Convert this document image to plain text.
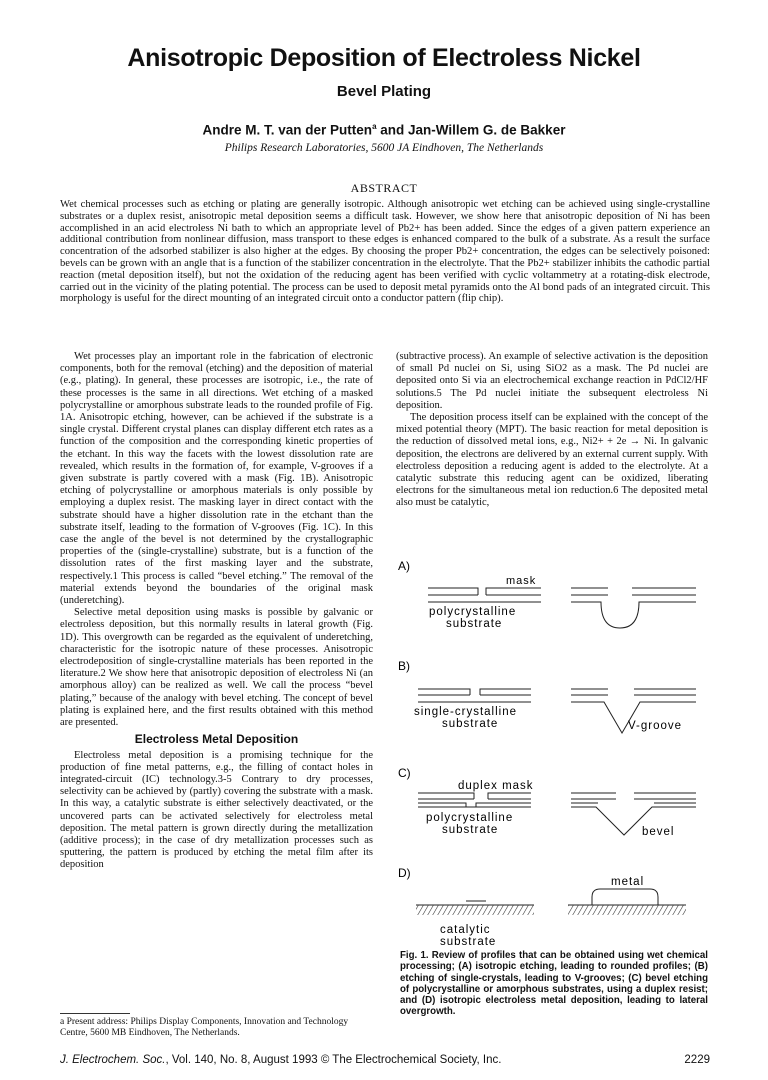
Anisotropic Deposition of Electroless Nickel
Bevel Plating
Andre M. T. van der Putten$^a$ and Jan-Willem G. de Bakker
Philips Research Laboratories, 5600 JA Eindhoven, The Netherlands
ABSTRACT
Wet chemical processes such as etching or plating are generally isotropic. Although anisotropic wet etching can be achieved using single-crystalline substrates or a duplex resist, anisotropic metal deposition seems a difficult task. However, we show here that anisotropic deposition of Ni has been accomplished in an acid electroless Ni bath to which an appropriate level of Pb2+ has been added. Since the edges of a given pattern experience an additional contribution from nonlinear diffusion, mass transport to these edges is enhanced compared to the bulk of a substrate. As a result the surface concentration of the adsorbed stabilizer is also higher at the edges. By choosing the proper Pb2+ concentration, the edges can be selectively poisoned: bevels can be grown with an angle that is a function of the stabilizer concentration in the electrolyte. That the Pb2+ stabilizer inhibits the cathodic partial reaction (metal deposition itself), but not the oxidation of the reducing agent has been verified with cyclic voltammetry at a rotating-disk electrode, carried out in the vicinity of the plating potential. The process can be used to deposit metal pyramids onto the Al bond pads of an integrated circuit. This morphology is useful for the direct mounting of an integrated circuit onto a conductor pattern (flip chip).

Wet processes play an important role in the fabrication of electronic components, both for the removal (etching) and the deposition of material (e.g., plating). In general, these processes are isotropic, i.e., the rate of these processes is the same in all directions. Wet etching of a masked polycrystalline or amorphous substrate leads to the rounded profile of Fig. 1A. Anisotropic etching, however, can be achieved if the substrate is a single crystal. Different crystal planes can display different etch rates as a function of the composition and the corresponding kinetic properties of the etchant. In this way the facets with the lowest dissolution rate are revealed, which results in the formation of, for example, V-grooves if a given substrate is partly covered with a mask (Fig. 1B). Anisotropic etching of polycrystalline or amorphous materials is only possible by employing a duplex resist. The masking layer in direct contact with the substrate should have a higher dissolution rate in the etchant than the substrate itself, leading to the formation of V-grooves (Fig. 1C). In this case the angle of the bevel is not determined by the crystallographic properties of the (single-crystalline) substrate, but is a function of the dissolution rates of the first masking layer and the substrate, respectively.1 This process is called “bevel etching.” The removal of the material extends beyond the boundaries of the original mask (underetching).

Selective metal deposition using masks is possible by galvanic or electroless deposition, but this normally results in lateral growth (Fig. 1D). This overgrowth can be regarded as the equivalent of underetching, characteristic for the isotropic nature of these processes. Anisotropic electrodeposition of single-crystalline materials has been reported in the literature.2 We show here that anisotropic deposition of electroless Ni (an amorphous alloy) can be realized as well. We call the process “bevel plating,” because of the analogy with bevel etching. The concept of bevel plating is explained here, and the first results obtained with this method are presented.

Electroless Metal Deposition

Electroless metal deposition is a promising technique for the production of fine metal patterns, e.g., the filling of contact holes in integrated-circuit (IC) technology.3-5 Contrary to dry processes, selectivity can be achieved by (partly) covering the substrate with a mask. In this way, a catalytic substrate is either selectively deactivated, or the uncovered parts can be activated selectively for electroless metal deposition. The metal pattern is grown directly during the metallization (additive process); in the case of dry metallization processes such as sputtering, the pattern is produced by etching the metal film after its deposition

a Present address: Philips Display Components, Innovation and Technology Centre, 5600 MB Eindhoven, The Netherlands.

(subtractive process). An example of selective activation is the deposition of small Pd nuclei on Si, using SiO2 as a mask. The Pd nuclei are deposited onto Si via an electrochemical exchange reaction in PdCl2/HF solutions.5 The Pd nuclei initiate the subsequent electroless Ni deposition.

The deposition process itself can be explained with the concept of the mixed potential theory (MPT). The basic reaction for metal deposition is the reduction of dissolved metal ions, e.g., Ni2+ + 2e → Ni. In galvanic deposition, the electrons are delivered by an external current supply. With electroless deposition a reducing agent is added to the electrolyte. At a catalytic substrate this reducing agent can be oxidized, liberating electrons for the simultaneous metal ion reduction.6 The deposited metal also must be catalytic,

A)
mask
polycrystalline
substrate
B)
single-crystalline
substrate	V-groove
C)
duplex mask
polycrystalline
substrate	bevel
D)
catalytic
substrate
metal
Fig. 1. Review of profiles that can be obtained using wet chemical processing; (A) isotropic etching, leading to rounded profiles; (B) etching of single-crystals, leading to V-grooves; (C) bevel etching of polycrystalline or amorphous substrates, using a duplex resist; and (D) isotropic electroless metal deposition, leading to lateral overgrowth.
J. Electrochem. Soc., Vol. 140, No. 8, August 1993 © The Electrochemical Society, Inc.	2229
